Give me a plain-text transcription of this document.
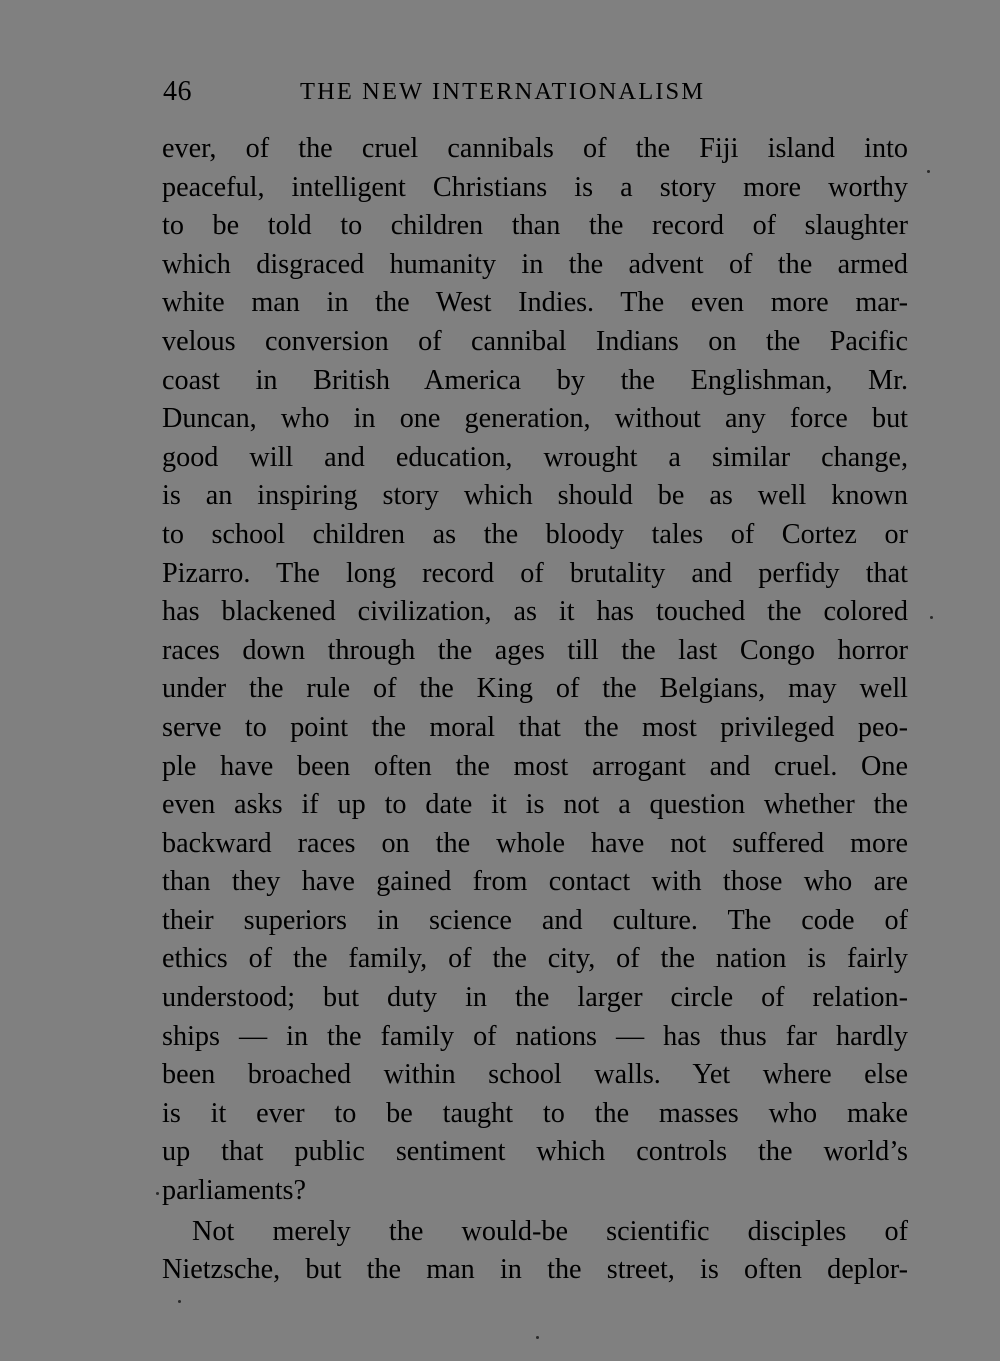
46	THE NEW INTERNATIONALISM
ever, of the cruel cannibals of the Fiji island into
peaceful, intelligent Christians is a story more worthy
to be told to children than the record of slaughter
which disgraced humanity in the advent of the armed
white man in the West Indies. The even more mar-
velous conversion of cannibal Indians on the Pacific
coast in British America by the Englishman, Mr.
Duncan, who in one generation, without any force but
good will and education, wrought a similar change,
is an inspiring story which should be as well known
to school children as the bloody tales of Cortez or
Pizarro. The long record of brutality and perfidy that
has blackened civilization, as it has touched the colored
races down through the ages till the last Congo horror
under the rule of the King of the Belgians, may well
serve to point the moral that the most privileged peo-
ple have been often the most arrogant and cruel. One
even asks if up to date it is not a question whether the
backward races on the whole have not suffered more
than they have gained from contact with those who are
their superiors in science and culture. The code of
ethics of the family, of the city, of the nation is fairly
understood; but duty in the larger circle of relation-
ships — in the family of nations — has thus far hardly
been broached within school walls. Yet where else
is it ever to be taught to the masses who make
up that public sentiment which controls the world’s
parliaments?
Not merely the would-be scientific disciples of
Nietzsche, but the man in the street, is often deplor-
